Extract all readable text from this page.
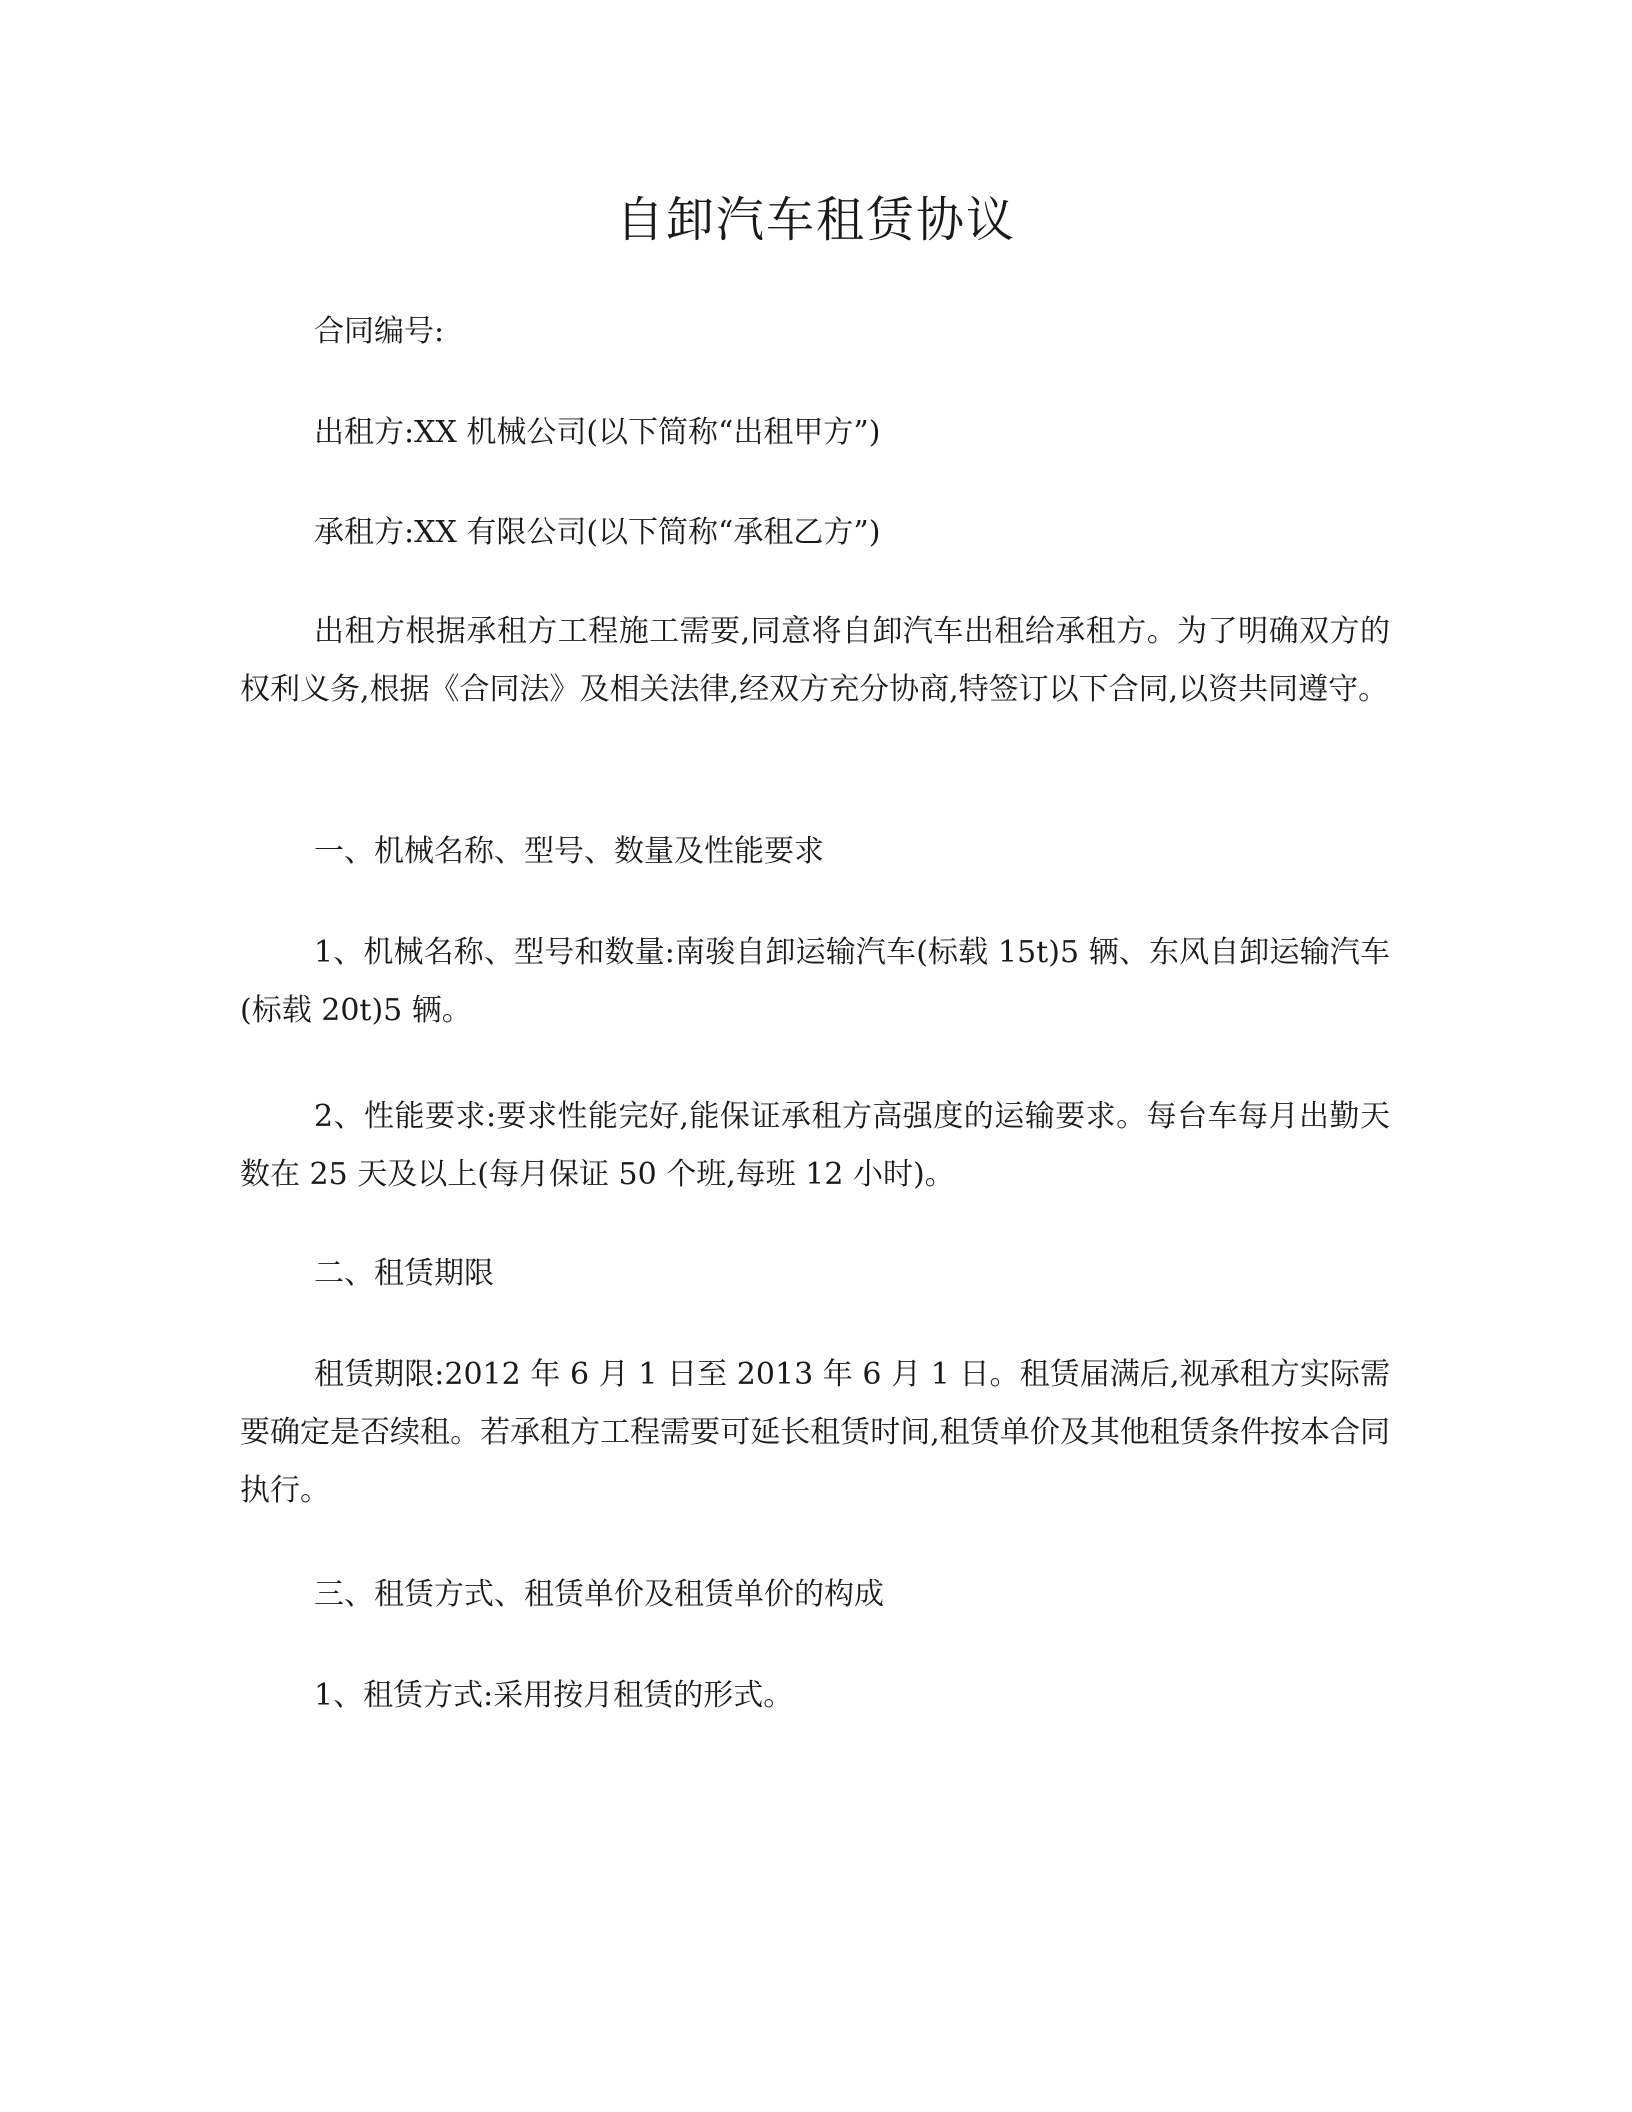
自卸汽车租赁协议

合同编号:

出租方:XX 机械公司(以下简称“出租甲方”)

承租方:XX 有限公司(以下简称“承租乙方”)

出租方根据承租方工程施工需要,同意将自卸汽车出租给承租方。为了明确双方的权利义务,根据《合同法》及相关法律,经双方充分协商,特签订以下合同,以资共同遵守。

一、机械名称、型号、数量及性能要求

1、机械名称、型号和数量:南骏自卸运输汽车(标载 15t)5 辆、东风自卸运输汽车(标载 20t)5 辆。

2、性能要求:要求性能完好,能保证承租方高强度的运输要求。每台车每月出勤天数在 25 天及以上(每月保证 50 个班,每班 12 小时)。

二、租赁期限

租赁期限:2012 年 6 月 1 日至 2013 年 6 月 1 日。租赁届满后,视承租方实际需要确定是否续租。若承租方工程需要可延长租赁时间,租赁单价及其他租赁条件按本合同执行。

三、租赁方式、租赁单价及租赁单价的构成

1、租赁方式:采用按月租赁的形式。
